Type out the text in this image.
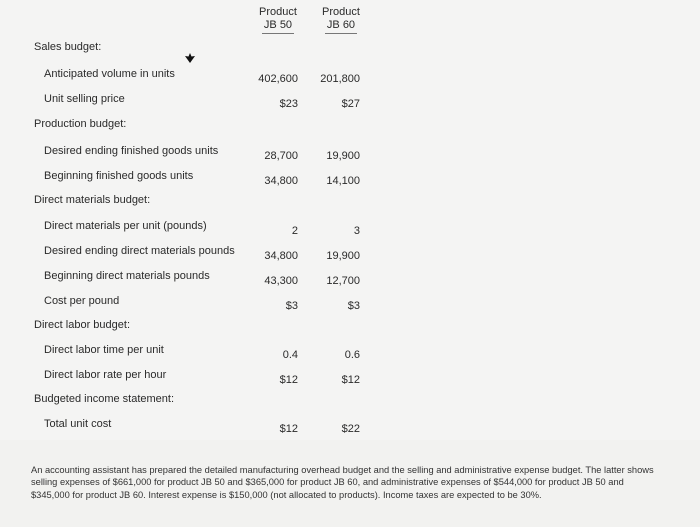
Product
JB 50
Product
JB 60
Sales budget:
Anticipated volume in units	402,600 201,800
Unit selling price	$23	$27
Production budget:
Desired ending finished goods units	28,700	19,900
Beginning finished goods units	34,800	14,100
Direct materials budget:
Direct materials per unit (pounds)	2	3
Desired ending direct materials pounds	34,800	19,900
Beginning direct materials pounds	43,300	12,700
Cost per pound	$3	$3
Direct labor budget:
Direct labor time per unit	0.4	0.6
Direct labor rate per hour	$12	$12
Budgeted income statement:
Total unit cost	$12	$22
An accounting assistant has prepared the detailed manufacturing overhead budget and the selling and administrative expense budget. The latter shows selling expenses of $661,000 for product JB 50 and $365,000 for product JB 60, and administrative expenses of $544,000 for product JB 50 and $345,000 for product JB 60. Interest expense is $150,000 (not allocated to products). Income taxes are expected to be 30%.
